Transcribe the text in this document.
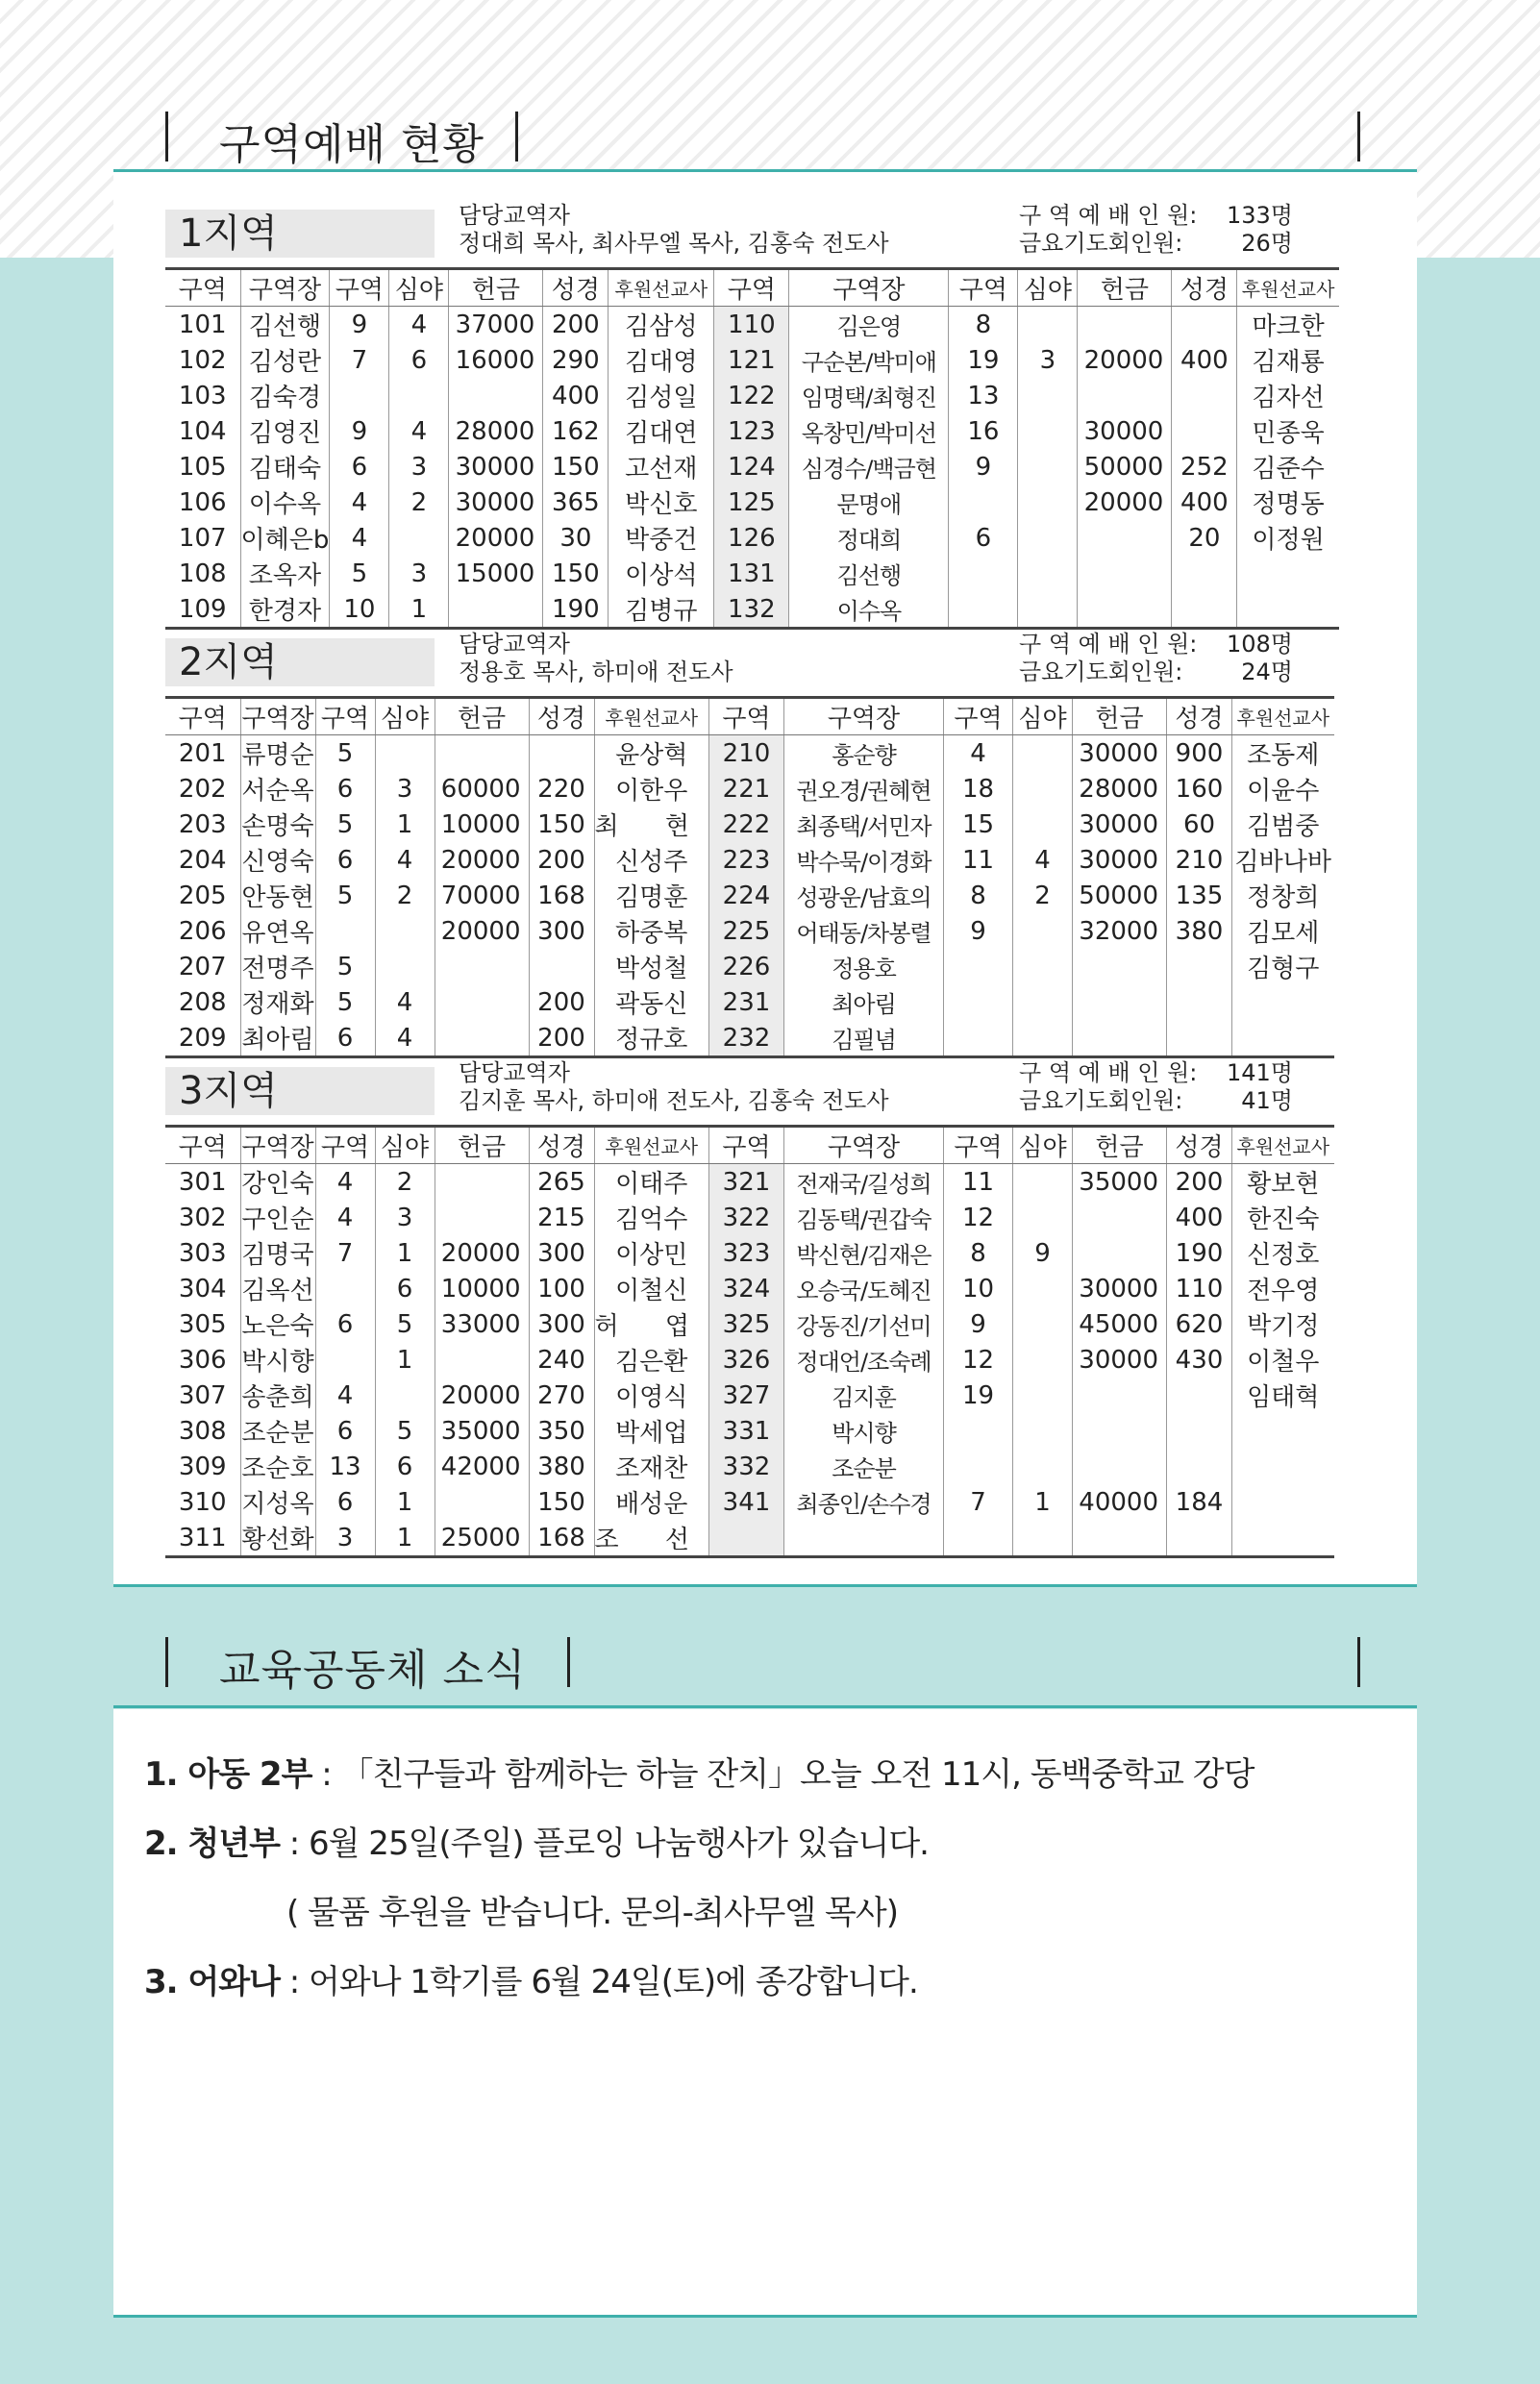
구역예배 현황
1지역	담당교역자
정대희 목사, 최사무엘 목사, 김홍숙 전도사
구 역 예 배 인 원: 133명
금요기도회인원:	26명
구역	구역장	구역	심야	헌금	성경	후원선교사	구역	구역장	구역	심야	헌금	성경	후원선교사
101	김선행	9	4	37000	200	김삼성	110	김은영	8				마크한
102	김성란	7	6	16000	290	김대영	121	구순본/박미애	19	3	20000	400	김재룡
103	김숙경				400	김성일	122	임명택/최형진	13				김자선
104	김영진	9	4	28000	162	김대연	123	옥창민/박미선	16		30000		민종욱
105	김태숙	6	3	30000	150	고선재	124	심경수/백금현	9		50000	252	김준수
106	이수옥	4	2	30000	365	박신호	125	문명애			20000	400	정명동
107	이혜은b	4		20000	30	박중건	126	정대희	6			20	이정원
108	조옥자	5	3	15000	150	이상석	131	김선행					
109	한경자	10	1		190	김병규	132	이수옥					
2지역	담당교역자
정용호 목사, 하미애 전도사
구 역 예 배 인 원: 108명
금요기도회인원:	24명
구역	구역장	구역	심야	헌금	성경	후원선교사	구역	구역장	구역	심야	헌금	성경	후원선교사
201	류명순	5				윤상혁	210	홍순향	4		30000	900	조동제
202	서순옥	6	3	60000	220	이한우	221	권오경/권혜현	18		28000	160	이윤수
203	손명숙	5	1	10000	150	최 현	222	최종택/서민자	15		30000	60	김범중
204	신영숙	6	4	20000	200	신성주	223	박수묵/이경화	11	4	30000	210	김바나바
205	안동현	5	2	70000	168	김명훈	224	성광운/남효의	8	2	50000	135	정창희
206	유연옥			20000	300	하중복	225	어태동/차봉렬	9		32000	380	김모세
207	전명주	5				박성철	226	정용호					김형구
208	정재화	5	4		200	곽동신	231	최아림					
209	최아림	6	4		200	정규호	232	김필념					
3지역	담당교역자
김지훈 목사, 하미애 전도사, 김홍숙 전도사
구 역 예 배 인 원: 141명
금요기도회인원:	41명
구역	구역장	구역	심야	헌금	성경	후원선교사	구역	구역장	구역	심야	헌금	성경	후원선교사
301	강인숙	4	2		265	이태주	321	전재국/길성희	11		35000	200	황보현
302	구인순	4	3		215	김억수	322	김동택/권갑숙	12			400	한진숙
303	김명국	7	1	20000	300	이상민	323	박신현/김재은	8	9		190	신정호
304	김옥선		6	10000	100	이철신	324	오승국/도혜진	10		30000	110	전우영
305	노은숙	6	5	33000	300	허 엽	325	강동진/기선미	9		45000	620	박기정
306	박시향		1		240	김은환	326	정대언/조숙례	12		30000	430	이철우
307	송춘희	4		20000	270	이영식	327	김지훈	19				임태혁
308	조순분	6	5	35000	350	박세업	331	박시향					
309	조순호	13	6	42000	380	조재찬	332	조순분					
310	지성옥	6	1		150	배성운	341	최종인/손수경	7	1	40000	184	
311	황선화	3	1	25000	168	조 선							
교육공동체 소식
1. 아동 2부 : 「친구들과 함께하는 하늘 잔치」오늘 오전 11시, 동백중학교 강당
2. 청년부 : 6월 25일(주일) 플로잉 나눔행사가 있습니다.
( 물품 후원을 받습니다. 문의-최사무엘 목사)
3. 어와나 : 어와나 1학기를 6월 24일(토)에 종강합니다.
